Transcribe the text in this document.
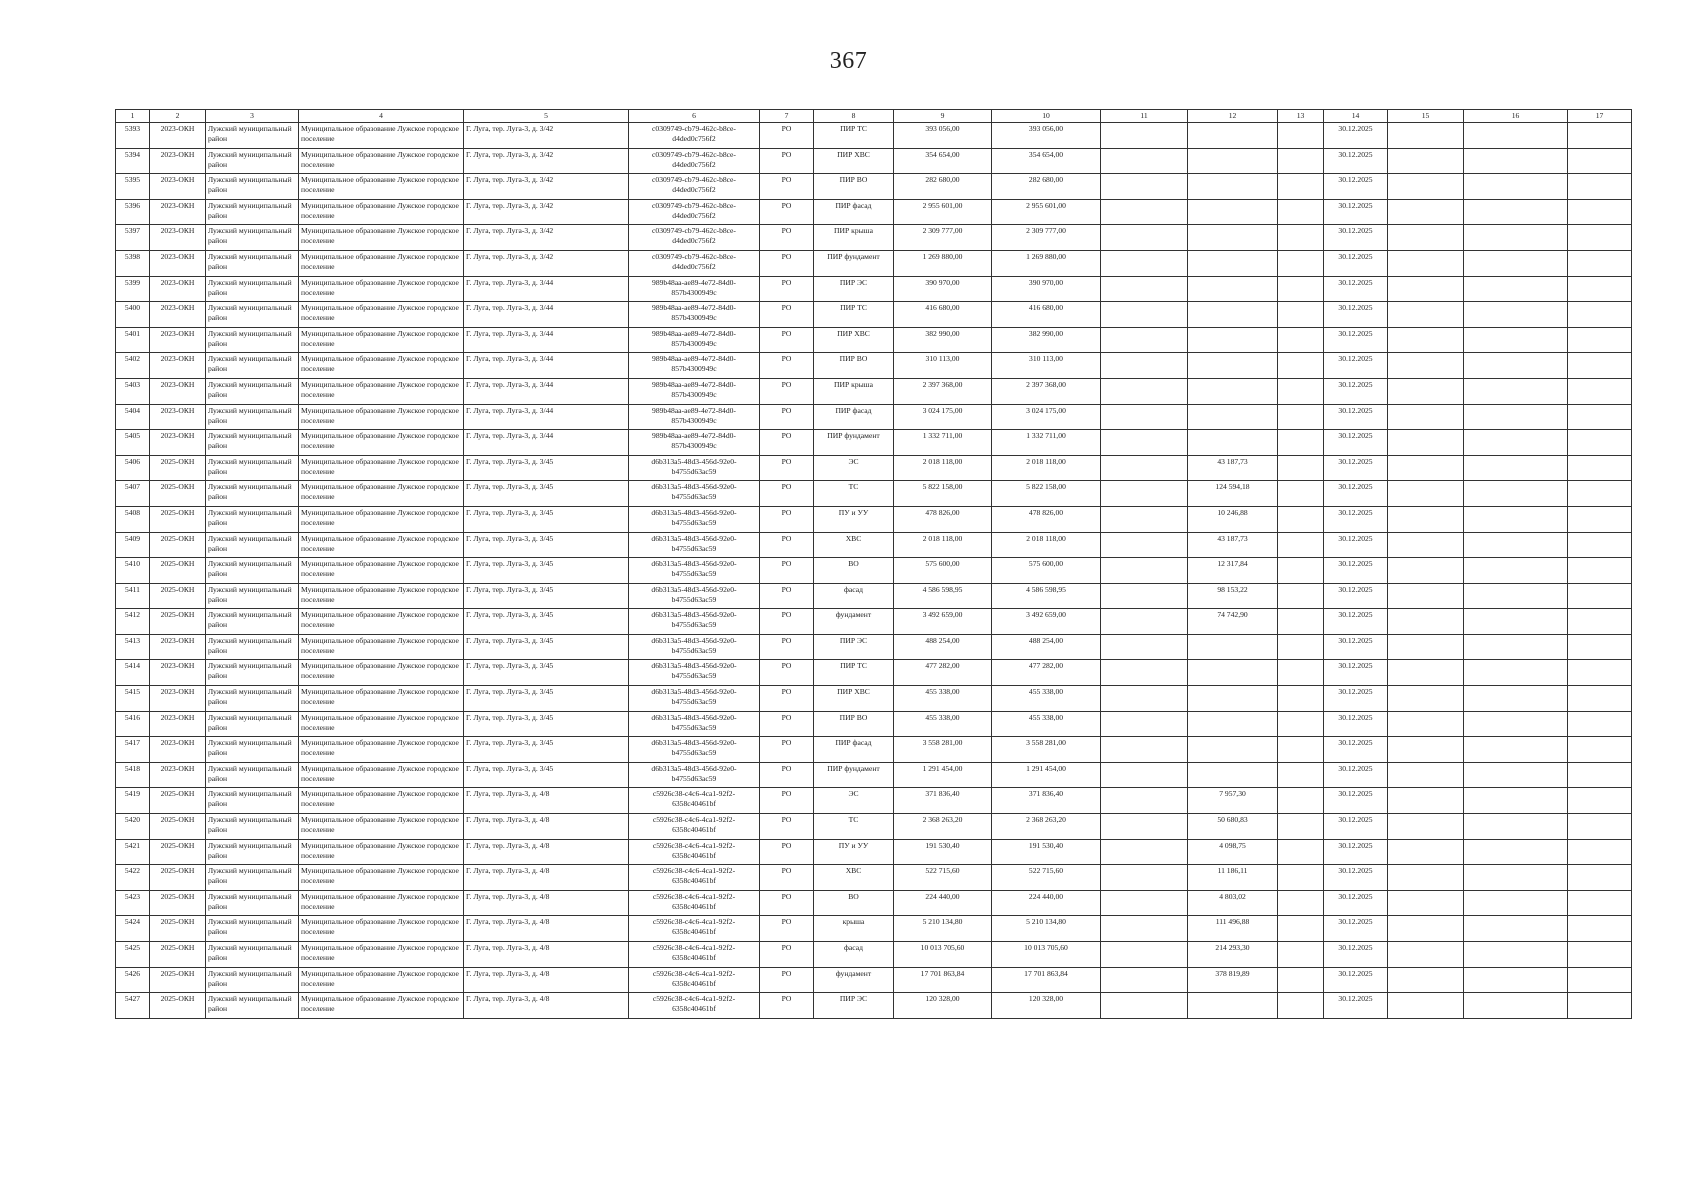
367
1	2	3	4	5	6	7	8	9	10	11	12	13	14	15	16	17
5393	2023-ОКН	Лужский муниципальный район	Муниципальное образование Лужское городское поселение	Г. Луга, тер. Луга-3, д. 3/42	c0309749-cb79-462c-b8ce-d4ded0c756f2	РО	ПИР ТС	393 056,00	393 056,00				30.12.2025			
5394	2023-ОКН	Лужский муниципальный район	Муниципальное образование Лужское городское поселение	Г. Луга, тер. Луга-3, д. 3/42	c0309749-cb79-462c-b8ce-d4ded0c756f2	РО	ПИР ХВС	354 654,00	354 654,00				30.12.2025			
5395	2023-ОКН	Лужский муниципальный район	Муниципальное образование Лужское городское поселение	Г. Луга, тер. Луга-3, д. 3/42	c0309749-cb79-462c-b8ce-d4ded0c756f2	РО	ПИР ВО	282 680,00	282 680,00				30.12.2025			
5396	2023-ОКН	Лужский муниципальный район	Муниципальное образование Лужское городское поселение	Г. Луга, тер. Луга-3, д. 3/42	c0309749-cb79-462c-b8ce-d4ded0c756f2	РО	ПИР фасад	2 955 601,00	2 955 601,00				30.12.2025			
5397	2023-ОКН	Лужский муниципальный район	Муниципальное образование Лужское городское поселение	Г. Луга, тер. Луга-3, д. 3/42	c0309749-cb79-462c-b8ce-d4ded0c756f2	РО	ПИР крыша	2 309 777,00	2 309 777,00				30.12.2025			
5398	2023-ОКН	Лужский муниципальный район	Муниципальное образование Лужское городское поселение	Г. Луга, тер. Луга-3, д. 3/42	c0309749-cb79-462c-b8ce-d4ded0c756f2	РО	ПИР фундамент	1 269 880,00	1 269 880,00				30.12.2025			
5399	2023-ОКН	Лужский муниципальный район	Муниципальное образование Лужское городское поселение	Г. Луга, тер. Луга-3, д. 3/44	989b48aa-ae89-4e72-84d0-857b4300949c	РО	ПИР ЭС	390 970,00	390 970,00				30.12.2025			
5400	2023-ОКН	Лужский муниципальный район	Муниципальное образование Лужское городское поселение	Г. Луга, тер. Луга-3, д. 3/44	989b48aa-ae89-4e72-84d0-857b4300949c	РО	ПИР ТС	416 680,00	416 680,00				30.12.2025			
5401	2023-ОКН	Лужский муниципальный район	Муниципальное образование Лужское городское поселение	Г. Луга, тер. Луга-3, д. 3/44	989b48aa-ae89-4e72-84d0-857b4300949c	РО	ПИР ХВС	382 990,00	382 990,00				30.12.2025			
5402	2023-ОКН	Лужский муниципальный район	Муниципальное образование Лужское городское поселение	Г. Луга, тер. Луга-3, д. 3/44	989b48aa-ae89-4e72-84d0-857b4300949c	РО	ПИР ВО	310 113,00	310 113,00				30.12.2025			
5403	2023-ОКН	Лужский муниципальный район	Муниципальное образование Лужское городское поселение	Г. Луга, тер. Луга-3, д. 3/44	989b48aa-ae89-4e72-84d0-857b4300949c	РО	ПИР крыша	2 397 368,00	2 397 368,00				30.12.2025			
5404	2023-ОКН	Лужский муниципальный район	Муниципальное образование Лужское городское поселение	Г. Луга, тер. Луга-3, д. 3/44	989b48aa-ae89-4e72-84d0-857b4300949c	РО	ПИР фасад	3 024 175,00	3 024 175,00				30.12.2025			
5405	2023-ОКН	Лужский муниципальный район	Муниципальное образование Лужское городское поселение	Г. Луга, тер. Луга-3, д. 3/44	989b48aa-ae89-4e72-84d0-857b4300949c	РО	ПИР фундамент	1 332 711,00	1 332 711,00				30.12.2025			
5406	2025-ОКН	Лужский муниципальный район	Муниципальное образование Лужское городское поселение	Г. Луга, тер. Луга-3, д. 3/45	d6b313a5-48d3-456d-92e0-b4755d63ac59	РО	ЭС	2 018 118,00	2 018 118,00		43 187,73		30.12.2025			
5407	2025-ОКН	Лужский муниципальный район	Муниципальное образование Лужское городское поселение	Г. Луга, тер. Луга-3, д. 3/45	d6b313a5-48d3-456d-92e0-b4755d63ac59	РО	ТС	5 822 158,00	5 822 158,00		124 594,18		30.12.2025			
5408	2025-ОКН	Лужский муниципальный район	Муниципальное образование Лужское городское поселение	Г. Луга, тер. Луга-3, д. 3/45	d6b313a5-48d3-456d-92e0-b4755d63ac59	РО	ПУ и УУ	478 826,00	478 826,00		10 246,88		30.12.2025			
5409	2025-ОКН	Лужский муниципальный район	Муниципальное образование Лужское городское поселение	Г. Луга, тер. Луга-3, д. 3/45	d6b313a5-48d3-456d-92e0-b4755d63ac59	РО	ХВС	2 018 118,00	2 018 118,00		43 187,73		30.12.2025			
5410	2025-ОКН	Лужский муниципальный район	Муниципальное образование Лужское городское поселение	Г. Луга, тер. Луга-3, д. 3/45	d6b313a5-48d3-456d-92e0-b4755d63ac59	РО	ВО	575 600,00	575 600,00		12 317,84		30.12.2025			
5411	2025-ОКН	Лужский муниципальный район	Муниципальное образование Лужское городское поселение	Г. Луга, тер. Луга-3, д. 3/45	d6b313a5-48d3-456d-92e0-b4755d63ac59	РО	фасад	4 586 598,95	4 586 598,95		98 153,22		30.12.2025			
5412	2025-ОКН	Лужский муниципальный район	Муниципальное образование Лужское городское поселение	Г. Луга, тер. Луга-3, д. 3/45	d6b313a5-48d3-456d-92e0-b4755d63ac59	РО	фундамент	3 492 659,00	3 492 659,00		74 742,90		30.12.2025			
5413	2023-ОКН	Лужский муниципальный район	Муниципальное образование Лужское городское поселение	Г. Луга, тер. Луга-3, д. 3/45	d6b313a5-48d3-456d-92e0-b4755d63ac59	РО	ПИР ЭС	488 254,00	488 254,00				30.12.2025			
5414	2023-ОКН	Лужский муниципальный район	Муниципальное образование Лужское городское поселение	Г. Луга, тер. Луга-3, д. 3/45	d6b313a5-48d3-456d-92e0-b4755d63ac59	РО	ПИР ТС	477 282,00	477 282,00				30.12.2025			
5415	2023-ОКН	Лужский муниципальный район	Муниципальное образование Лужское городское поселение	Г. Луга, тер. Луга-3, д. 3/45	d6b313a5-48d3-456d-92e0-b4755d63ac59	РО	ПИР ХВС	455 338,00	455 338,00				30.12.2025			
5416	2023-ОКН	Лужский муниципальный район	Муниципальное образование Лужское городское поселение	Г. Луга, тер. Луга-3, д. 3/45	d6b313a5-48d3-456d-92e0-b4755d63ac59	РО	ПИР ВО	455 338,00	455 338,00				30.12.2025			
5417	2023-ОКН	Лужский муниципальный район	Муниципальное образование Лужское городское поселение	Г. Луга, тер. Луга-3, д. 3/45	d6b313a5-48d3-456d-92e0-b4755d63ac59	РО	ПИР фасад	3 558 281,00	3 558 281,00				30.12.2025			
5418	2023-ОКН	Лужский муниципальный район	Муниципальное образование Лужское городское поселение	Г. Луга, тер. Луга-3, д. 3/45	d6b313a5-48d3-456d-92e0-b4755d63ac59	РО	ПИР фундамент	1 291 454,00	1 291 454,00				30.12.2025			
5419	2025-ОКН	Лужский муниципальный район	Муниципальное образование Лужское городское поселение	Г. Луга, тер. Луга-3, д. 4/8	c5926c38-c4c6-4ca1-92f2-6358c40461bf	РО	ЭС	371 836,40	371 836,40		7 957,30		30.12.2025			
5420	2025-ОКН	Лужский муниципальный район	Муниципальное образование Лужское городское поселение	Г. Луга, тер. Луга-3, д. 4/8	c5926c38-c4c6-4ca1-92f2-6358c40461bf	РО	ТС	2 368 263,20	2 368 263,20		50 680,83		30.12.2025			
5421	2025-ОКН	Лужский муниципальный район	Муниципальное образование Лужское городское поселение	Г. Луга, тер. Луга-3, д. 4/8	c5926c38-c4c6-4ca1-92f2-6358c40461bf	РО	ПУ и УУ	191 530,40	191 530,40		4 098,75		30.12.2025			
5422	2025-ОКН	Лужский муниципальный район	Муниципальное образование Лужское городское поселение	Г. Луга, тер. Луга-3, д. 4/8	c5926c38-c4c6-4ca1-92f2-6358c40461bf	РО	ХВС	522 715,60	522 715,60		11 186,11		30.12.2025			
5423	2025-ОКН	Лужский муниципальный район	Муниципальное образование Лужское городское поселение	Г. Луга, тер. Луга-3, д. 4/8	c5926c38-c4c6-4ca1-92f2-6358c40461bf	РО	ВО	224 440,00	224 440,00		4 803,02		30.12.2025			
5424	2025-ОКН	Лужский муниципальный район	Муниципальное образование Лужское городское поселение	Г. Луга, тер. Луга-3, д. 4/8	c5926c38-c4c6-4ca1-92f2-6358c40461bf	РО	крыша	5 210 134,80	5 210 134,80		111 496,88		30.12.2025			
5425	2025-ОКН	Лужский муниципальный район	Муниципальное образование Лужское городское поселение	Г. Луга, тер. Луга-3, д. 4/8	c5926c38-c4c6-4ca1-92f2-6358c40461bf	РО	фасад	10 013 705,60	10 013 705,60		214 293,30		30.12.2025			
5426	2025-ОКН	Лужский муниципальный район	Муниципальное образование Лужское городское поселение	Г. Луга, тер. Луга-3, д. 4/8	c5926c38-c4c6-4ca1-92f2-6358c40461bf	РО	фундамент	17 701 863,84	17 701 863,84		378 819,89		30.12.2025			
5427	2025-ОКН	Лужский муниципальный район	Муниципальное образование Лужское городское поселение	Г. Луга, тер. Луга-3, д. 4/8	c5926c38-c4c6-4ca1-92f2-6358c40461bf	РО	ПИР ЭС	120 328,00	120 328,00				30.12.2025			
